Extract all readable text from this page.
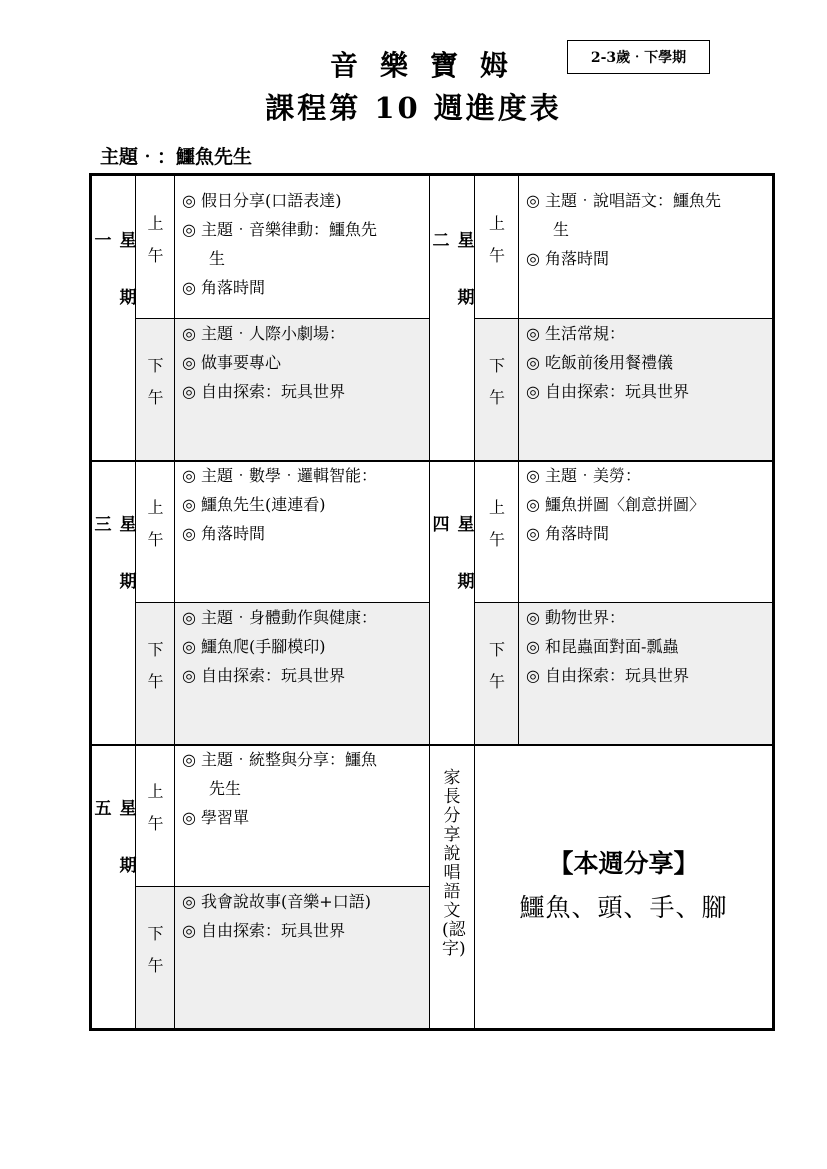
音樂寶姆	2-3歲‧下學期
課程第 10 週進度表
主題‧：鱷魚先生
星期一	上午
◎ 假日分享(口語表達)
◎ 主題‧音樂律動：鱷魚先
生
◎ 角落時間
下午
◎ 主題‧人際小劇場：
◎ 做事要專心
◎ 自由探索：玩具世界
星期二	上午
◎ 主題‧說唱語文：鱷魚先
生
◎ 角落時間
下午
◎ 生活常規：
◎ 吃飯前後用餐禮儀
◎ 自由探索：玩具世界
星期三	上午
◎ 主題‧數學‧邏輯智能：
◎ 鱷魚先生(連連看)
◎ 角落時間
下午
◎ 主題‧身體動作與健康：
◎ 鱷魚爬(手腳模印)
◎ 自由探索：玩具世界
星期四	上午
◎ 主題‧美勞：
◎ 鱷魚拼圖〈創意拼圖〉
◎ 角落時間
下午
◎ 動物世界：
◎ 和昆蟲面對面-瓢蟲
◎ 自由探索：玩具世界
星期五	上午
◎ 主題‧統整與分享：鱷魚
先生
◎ 學習單
下午
◎ 我會說故事(音樂+口語)
◎ 自由探索：玩具世界
家長分享說唱語文(認字)
【本週分享】
鱷魚、頭、手、腳
